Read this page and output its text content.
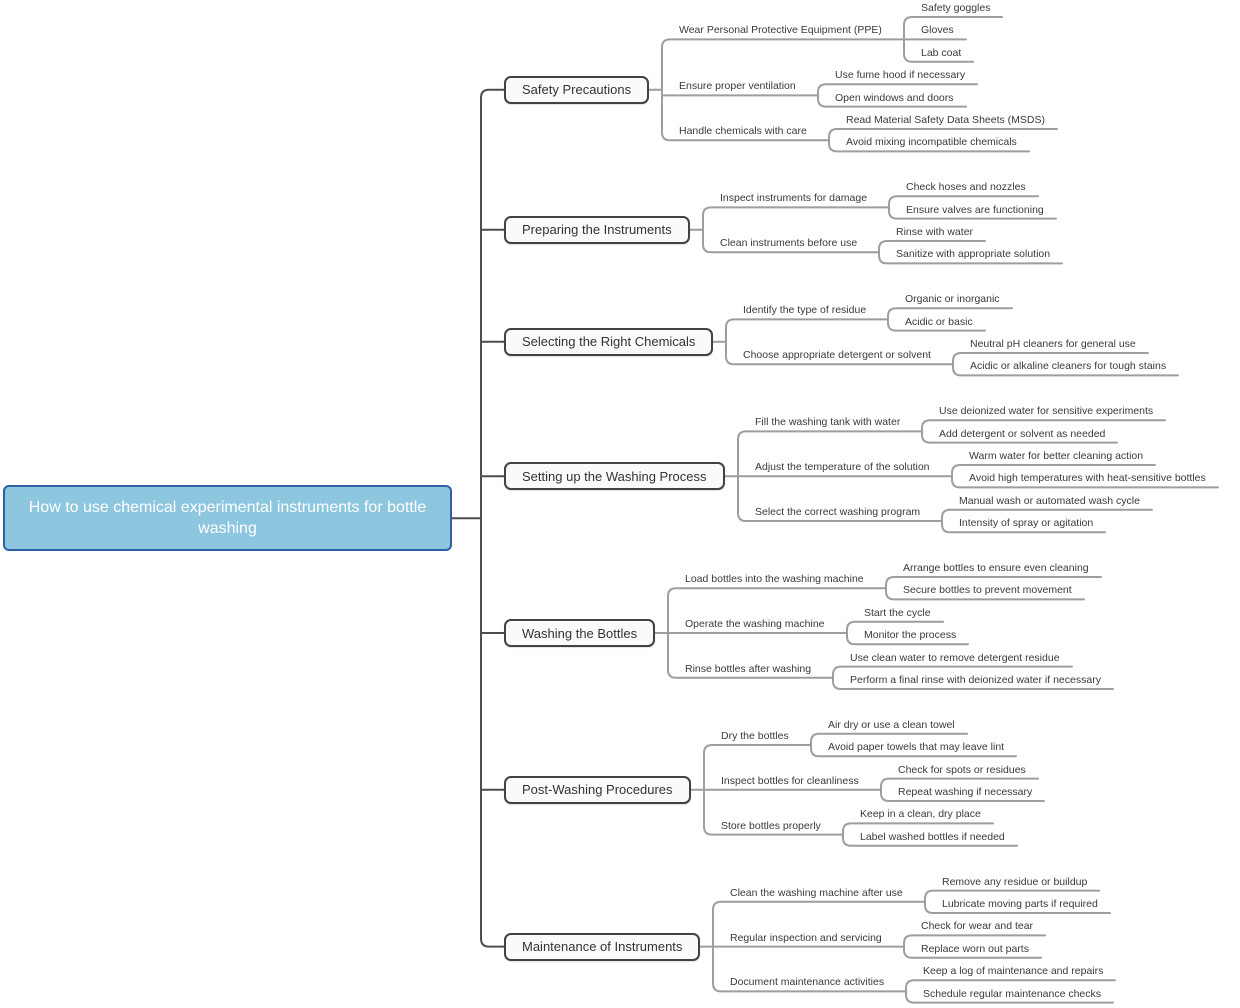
How to use chemical experimental instruments for bottle washing
Safety Precautions
Wear Personal Protective Equipment (PPE)
Safety goggles
Gloves
Lab coat
Ensure proper ventilation
Use fume hood if necessary
Open windows and doors
Handle chemicals with care
Read Material Safety Data Sheets (MSDS)
Avoid mixing incompatible chemicals
Preparing the Instruments
Inspect instruments for damage
Check hoses and nozzles
Ensure valves are functioning
Clean instruments before use
Rinse with water
Sanitize with appropriate solution
Selecting the Right Chemicals
Identify the type of residue
Organic or inorganic
Acidic or basic
Choose appropriate detergent or solvent
Neutral pH cleaners for general use
Acidic or alkaline cleaners for tough stains
Setting up the Washing Process
Fill the washing tank with water
Use deionized water for sensitive experiments
Add detergent or solvent as needed
Adjust the temperature of the solution
Warm water for better cleaning action
Avoid high temperatures with heat-sensitive bottles
Select the correct washing program
Manual wash or automated wash cycle
Intensity of spray or agitation
Washing the Bottles
Load bottles into the washing machine
Arrange bottles to ensure even cleaning
Secure bottles to prevent movement
Operate the washing machine
Start the cycle
Monitor the process
Rinse bottles after washing
Use clean water to remove detergent residue
Perform a final rinse with deionized water if necessary
Post-Washing Procedures
Dry the bottles
Air dry or use a clean towel
Avoid paper towels that may leave lint
Inspect bottles for cleanliness
Check for spots or residues
Repeat washing if necessary
Store bottles properly
Keep in a clean, dry place
Label washed bottles if needed
Maintenance of Instruments
Clean the washing machine after use
Remove any residue or buildup
Lubricate moving parts if required
Regular inspection and servicing
Check for wear and tear
Replace worn out parts
Document maintenance activities
Keep a log of maintenance and repairs
Schedule regular maintenance checks
